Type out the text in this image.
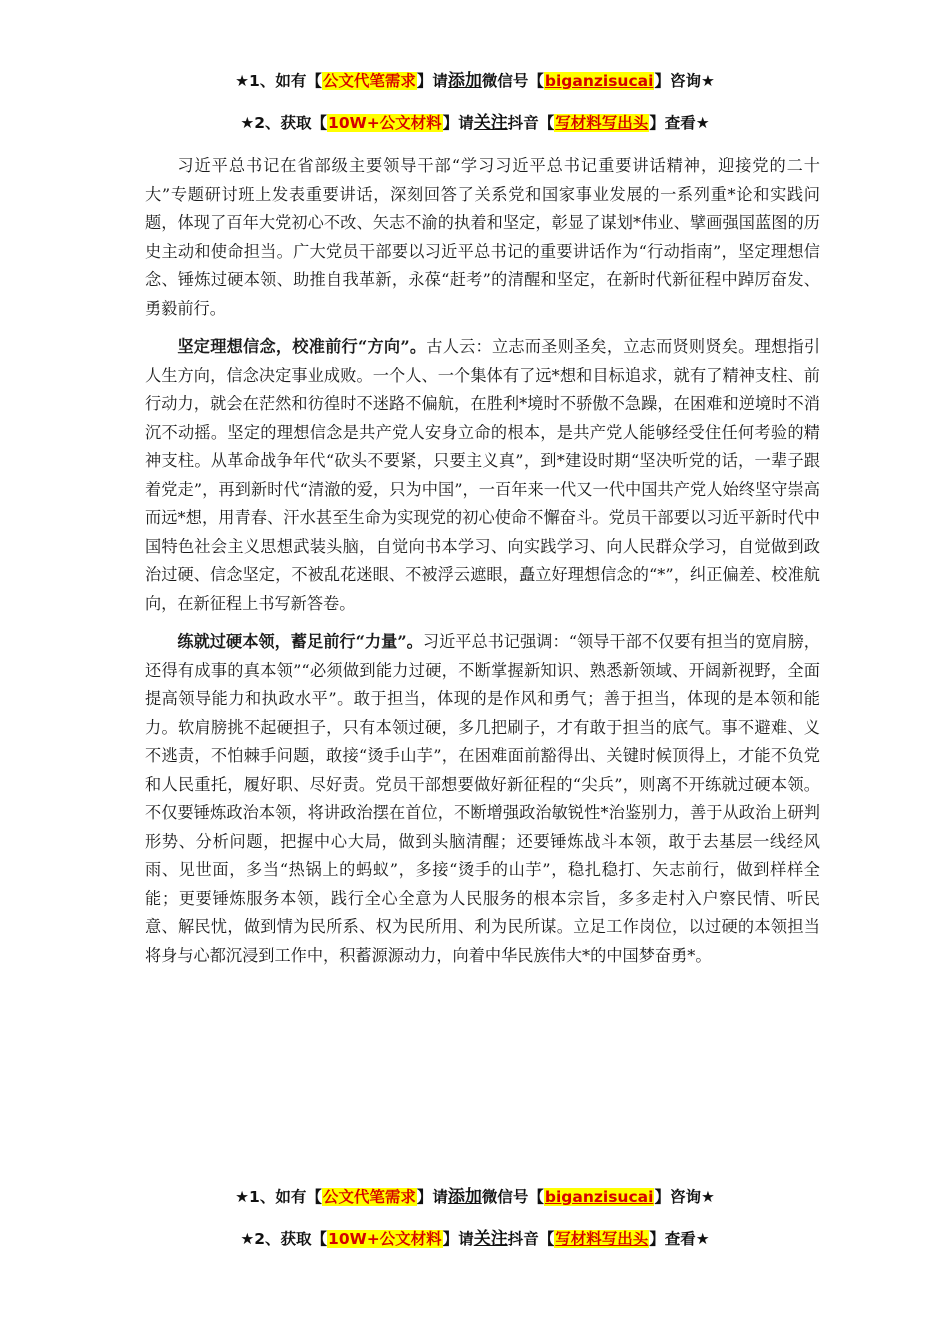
★1、如有【公文代笔需求】请添加微信号【biganzisucai】咨询★
★2、获取【10W+公文材料】请关注抖音【写材料写出头】查看★

习近平总书记在省部级主要领导干部“学习习近平总书记重要讲话精神，迎接党的二十大”专题研讨班上发表重要讲话，深刻回答了关系党和国家事业发展的一系列重*论和实践问题，体现了百年大党初心不改、矢志不渝的执着和坚定，彰显了谋划*伟业、擘画强国蓝图的历史主动和使命担当。广大党员干部要以习近平总书记的重要讲话作为“行动指南”，坚定理想信念、锤炼过硬本领、助推自我革新，永葆“赶考”的清醒和坚定，在新时代新征程中踔厉奋发、勇毅前行。

坚定理想信念，校准前行“方向”。古人云：立志而圣则圣矣，立志而贤则贤矣。理想指引人生方向，信念决定事业成败。一个人、一个集体有了远*想和目标追求，就有了精神支柱、前行动力，就会在茫然和彷徨时不迷路不偏航，在胜利*境时不骄傲不急躁，在困难和逆境时不消沉不动摇。坚定的理想信念是共产党人安身立命的根本，是共产党人能够经受住任何考验的精神支柱。从革命战争年代“砍头不要紧，只要主义真”，到*建设时期“坚决听党的话，一辈子跟着党走”，再到新时代“清澈的爱，只为中国”，一百年来一代又一代中国共产党人始终坚守崇高而远*想，用青春、汗水甚至生命为实现党的初心使命不懈奋斗。党员干部要以习近平新时代中国特色社会主义思想武装头脑，自觉向书本学习、向实践学习、向人民群众学习，自觉做到政治过硬、信念坚定，不被乱花迷眼、不被浮云遮眼，矗立好理想信念的“*”，纠正偏差、校准航向，在新征程上书写新答卷。

练就过硬本领，蓄足前行“力量”。习近平总书记强调：“领导干部不仅要有担当的宽肩膀，还得有成事的真本领”“必须做到能力过硬，不断掌握新知识、熟悉新领域、开阔新视野，全面提高领导能力和执政水平”。敢于担当，体现的是作风和勇气；善于担当，体现的是本领和能力。软肩膀挑不起硬担子，只有本领过硬，多几把刷子，才有敢于担当的底气。事不避难、义不逃责，不怕棘手问题，敢接“烫手山芋”，在困难面前豁得出、关键时候顶得上，才能不负党和人民重托，履好职、尽好责。党员干部想要做好新征程的“尖兵”，则离不开练就过硬本领。不仅要锤炼政治本领，将讲政治摆在首位，不断增强政治敏锐性*治鉴别力，善于从政治上研判形势、分析问题，把握中心大局，做到头脑清醒；还要锤炼战斗本领，敢于去基层一线经风雨、见世面，多当“热锅上的蚂蚁”，多接“烫手的山芋”，稳扎稳打、矢志前行，做到样样全能；更要锤炼服务本领，践行全心全意为人民服务的根本宗旨，多多走村入户察民情、听民意、解民忧，做到情为民所系、权为民所用、利为民所谋。立足工作岗位，以过硬的本领担当将身与心都沉浸到工作中，积蓄源源动力，向着中华民族伟大*的中国梦奋勇*。

★1、如有【公文代笔需求】请添加微信号【biganzisucai】咨询★
★2、获取【10W+公文材料】请关注抖音【写材料写出头】查看★
